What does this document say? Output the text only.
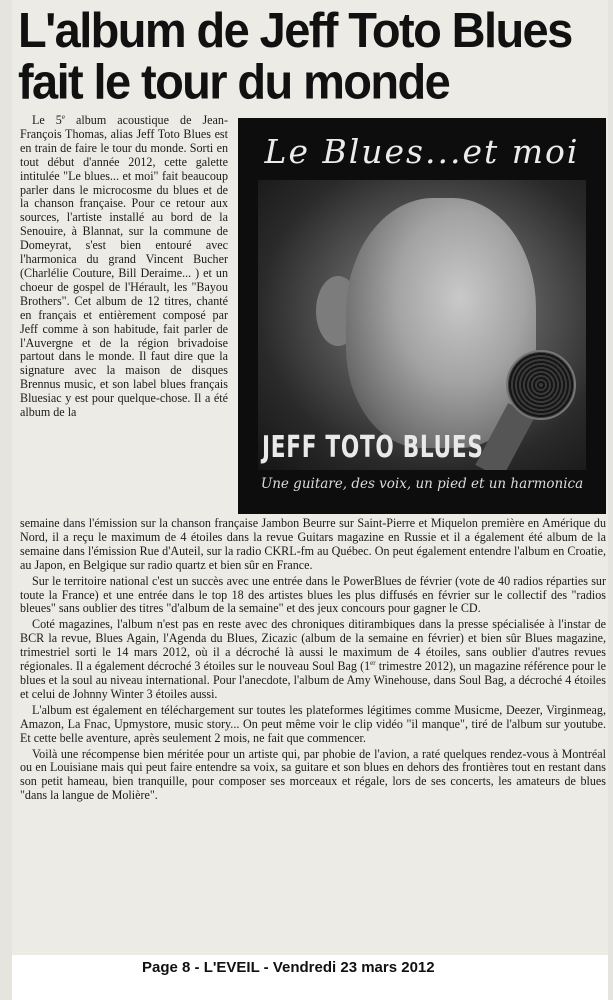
L'album de Jeff Toto Blues
fait le tour du monde

Le 5e album acoustique de Jean-François Thomas, alias Jeff Toto Blues est en train de faire le tour du monde. Sorti en tout début d'année 2012, cette galette intitulée "Le blues... et moi" fait beaucoup parler dans le microcosme du blues et de la chanson française. Pour ce retour aux sources, l'artiste installé au bord de la Senouire, à Blannat, sur la commune de Domeyrat, s'est bien entouré avec l'harmonica du grand Vincent Bucher (Charlélie Couture, Bill Deraime... ) et un choeur de gospel de l'Hérault, les "Bayou Brothers". Cet album de 12 titres, chanté en français et entièrement composé par Jeff comme à son habitude, fait parler de l'Auvergne et de la région brivadoise partout dans le monde. Il faut dire que la signature avec la maison de disques Brennus music, et son label blues français Bluesiac y est pour quelque-chose. Il a été album de la

Le Blues...et moi
JEFF TOTO BLUES
Une guitare, des voix, un pied et un harmonica

semaine dans l'émission sur la chanson française Jambon Beurre sur Saint-Pierre et Miquelon première en Amérique du Nord, il a reçu le maximum de 4 étoiles dans la revue Guitars magazine en Russie et il a également été album de la semaine dans l'émission Rue d'Auteil, sur la radio CKRL-fm au Québec. On peut également entendre l'album en Croatie, au Japon, en Belgique sur radio quartz et bien sûr en France.

Sur le territoire national c'est un succès avec une entrée dans le PowerBlues de février (vote de 40 radios réparties sur toute la France) et une entrée dans le top 18 des artistes blues les plus diffusés en février sur le collectif des "radios bleues" sans oublier des titres "d'album de la semaine" et des jeux concours pour gagner le CD.

Coté magazines, l'album n'est pas en reste avec des chroniques ditirambiques dans la presse spécialisée à l'instar de BCR la revue, Blues Again, l'Agenda du Blues, Zicazic (album de la semaine en février) et bien sûr Blues magazine, trimestriel sorti le 14 mars 2012, où il a décroché là aussi le maximum de 4 étoiles, sans oublier d'autres revues régionales. Il a également décroché 3 étoiles sur le nouveau Soul Bag (1er trimestre 2012), un magazine référence pour le blues et la soul au niveau international. Pour l'anecdote, l'album de Amy Winehouse, dans Soul Bag, a décroché 4 étoiles et celui de Johnny Winter 3 étoiles aussi.

L'album est également en téléchargement sur toutes les plateformes légitimes comme Musicme, Deezer, Virginmeag, Amazon, La Fnac, Upmystore, music story... On peut même voir le clip vidéo "il manque", tiré de l'album sur youtube. Et cette belle aventure, après seulement 2 mois, ne fait que commencer.

Voilà une récompense bien méritée pour un artiste qui, par phobie de l'avion, a raté quelques rendez-vous à Montréal ou en Louisiane mais qui peut faire entendre sa voix, sa guitare et son blues en dehors des frontières tout en restant dans son petit hameau, bien tranquille, pour composer ses morceaux et régale, lors de ses concerts, les amateurs de blues "dans la langue de Molière".

Page 8 - L'EVEIL - Vendredi 23 mars 2012
